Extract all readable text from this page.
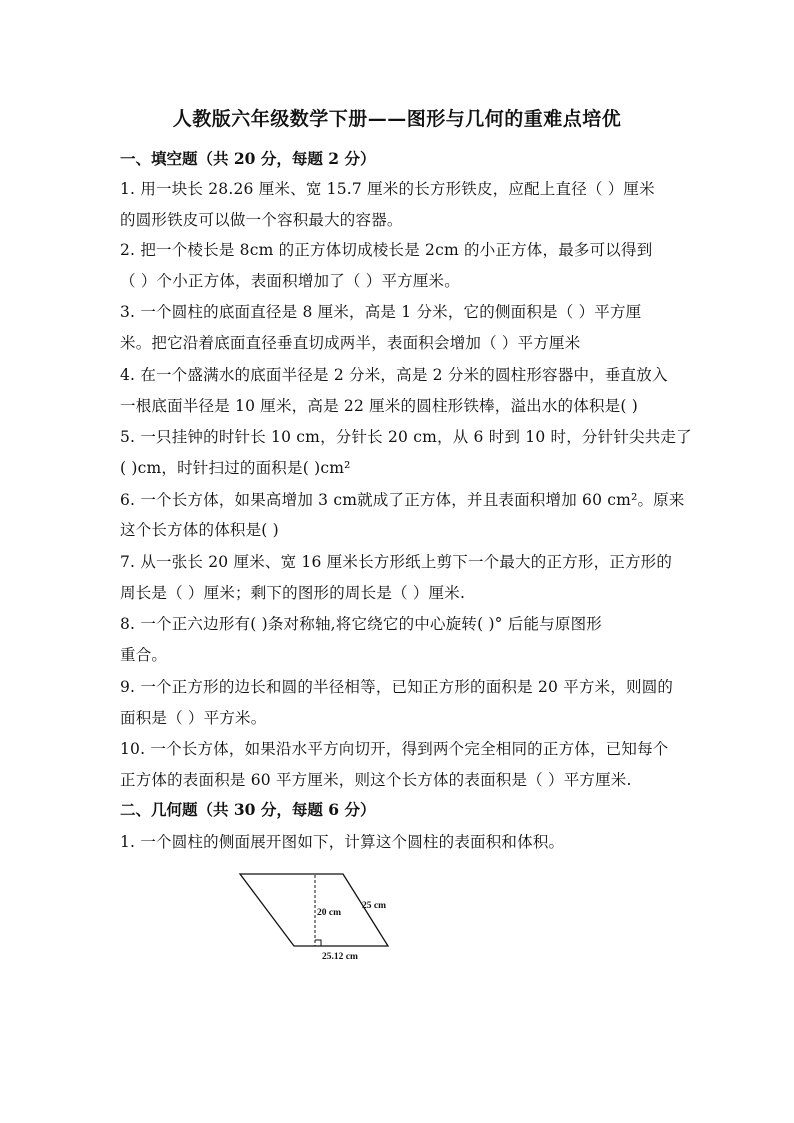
人教版六年级数学下册——图形与几何的重难点培优
一、填空题（共 20 分，每题 2 分）
1. 用一块长 28.26 厘米、宽 15.7 厘米的长方形铁皮，应配上直径（ ）厘米
的圆形铁皮可以做一个容积最大的容器。
2. 把一个棱长是 8cm 的正方体切成棱长是 2cm 的小正方体，最多可以得到
（ ）个小正方体，表面积增加了（ ）平方厘米。
3. 一个圆柱的底面直径是 8 厘米，高是 1 分米，它的侧面积是（ ）平方厘
米。把它沿着底面直径垂直切成两半，表面积会增加（ ）平方厘米
4. 在一个盛满水的底面半径是 2 分米，高是 2 分米的圆柱形容器中，垂直放入
一根底面半径是 10 厘米，高是 22 厘米的圆柱形铁棒，溢出水的体积是( )
5. 一只挂钟的时针长 10 cm，分针长 20 cm，从 6 时到 10 时，分针针尖共走了
( )cm，时针扫过的面积是( )cm²
6. 一个长方体，如果高增加 3 cm就成了正方体，并且表面积增加 60 cm²。原来
这个长方体的体积是( )
7. 从一张长 20 厘米、宽 16 厘米长方形纸上剪下一个最大的正方形，正方形的
周长是（ ）厘米；剩下的图形的周长是（ ）厘米.
8. 一个正六边形有( )条对称轴,将它绕它的中心旋转( )° 后能与原图形
重合。
9. 一个正方形的边长和圆的半径相等，已知正方形的面积是 20 平方米，则圆的
面积是（ ）平方米。
10. 一个长方体，如果沿水平方向切开，得到两个完全相同的正方体，已知每个
正方体的表面积是 60 平方厘米，则这个长方体的表面积是（ ）平方厘米.
二、几何题（共 30 分，每题 6 分）
1. 一个圆柱的侧面展开图如下，计算这个圆柱的表面积和体积。
20 cm
25 cm
25.12 cm
